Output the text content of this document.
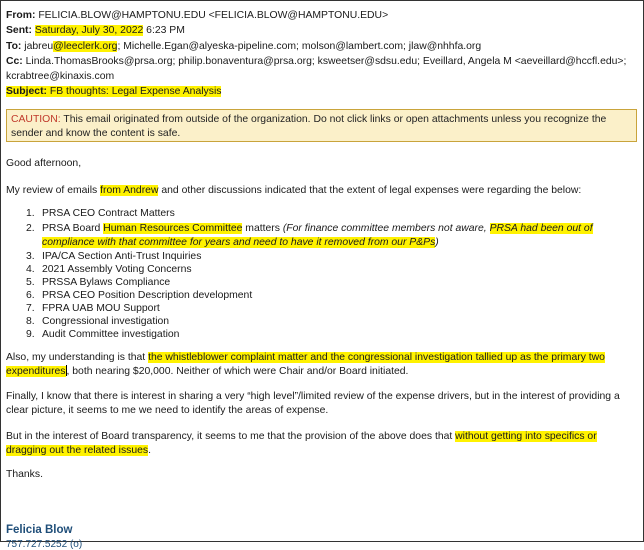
From: FELICIA.BLOW@HAMPTONU.EDU <FELICIA.BLOW@HAMPTONU.EDU>
Sent: Saturday, July 30, 2022 6:23 PM
To: jabreu@leeclerk.org; Michelle.Egan@alyeska-pipeline.com; molson@lambert.com; jlaw@nhhfa.org
Cc: Linda.ThomasBrooks@prsa.org; philip.bonaventura@prsa.org; ksweetser@sdsu.edu; Eveillard, Angela M <aeveillard@hccfl.edu>;
kcrabtree@kinaxis.com
Subject: FB thoughts: Legal Expense Analysis
CAUTION: This email originated from outside of the organization. Do not click links or open attachments unless you recognize the sender and know the content is safe.
Good afternoon,
My review of emails from Andrew and other discussions indicated that the extent of legal expenses were regarding the below:
1. PRSA CEO Contract Matters
2. PRSA Board Human Resources Committee matters (For finance committee members not aware, PRSA had been out of compliance with that committee for years and need to have it removed from our P&Ps)
3. IPA/CA Section Anti-Trust Inquiries
4. 2021 Assembly Voting Concerns
5. PRSSA Bylaws Compliance
6. PRSA CEO Position Description development
7. FPRA UAB MOU Support
8. Congressional investigation
9. Audit Committee investigation
Also, my understanding is that the whistleblower complaint matter and the congressional investigation tallied up as the primary two expenditures, both nearing $20,000. Neither of which were Chair and/or Board initiated.
Finally, I know that there is interest in sharing a very “high level”/limited review of the expense drivers, but in the interest of providing a clear picture, it seems to me we need to identify the areas of expense.
But in the interest of Board transparency, it seems to me that the provision of the above does that without getting into specifics or dragging out the related issues.
Thanks.
Felicia Blow
757.727.5252 (o)
